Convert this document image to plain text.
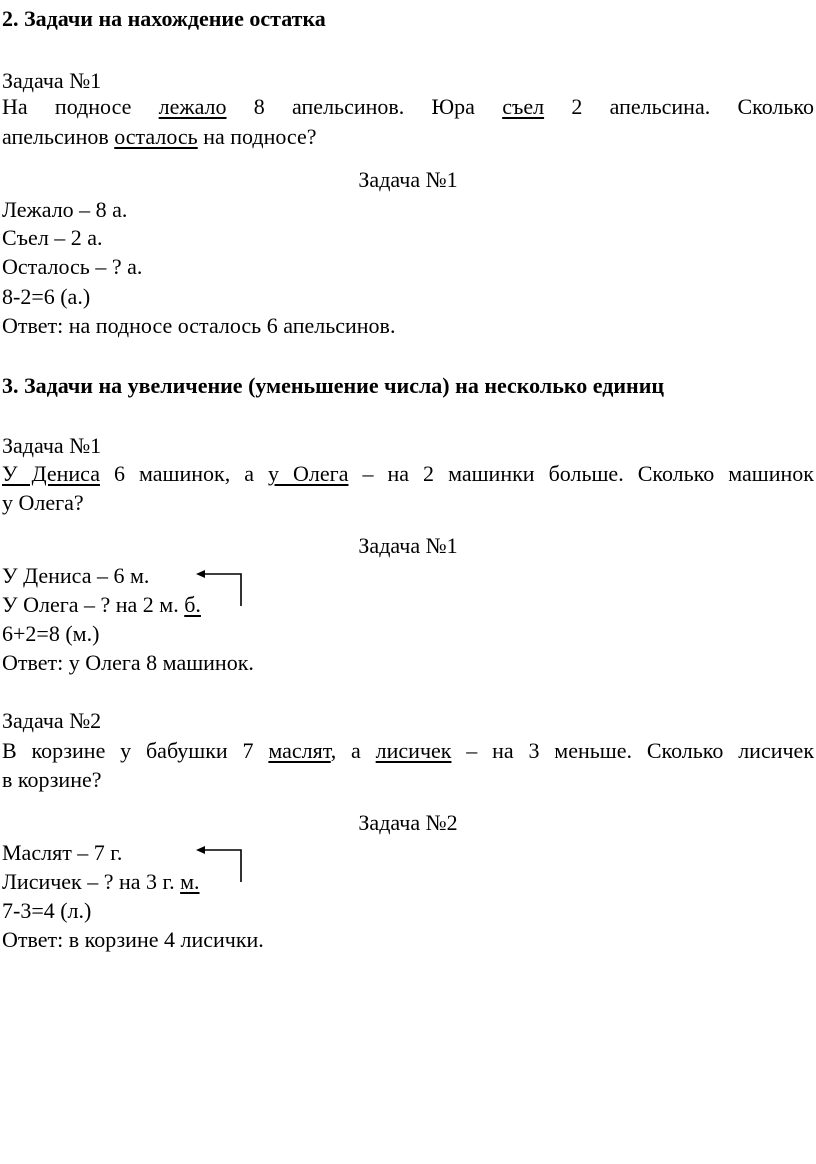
2. Задачи на нахождение остатка
Задача №1
На подносе лежало 8 апельсинов. Юра съел 2 апельсина. Сколько
апельсинов осталось на подносе?
Задача №1
Лежало – 8 а.
Съел – 2 а.
Осталось – ? а.
8-2=6 (а.)
Ответ: на подносе осталось 6 апельсинов.
3. Задачи на увеличение (уменьшение числа) на несколько единиц
Задача №1
У Дениса 6 машинок, а у Олега – на 2 машинки больше. Сколько машинок
у Олега?
Задача №1
У Дениса – 6 м.
У Олега – ? на 2 м. б.
6+2=8 (м.)
Ответ: у Олега 8 машинок.
Задача №2
В корзине у бабушки 7 маслят, а лисичек – на 3 меньше. Сколько лисичек
в корзине?
Задача №2
Маслят – 7 г.
Лисичек – ? на 3 г. м.
7-3=4 (л.)
Ответ: в корзине 4 лисички.
